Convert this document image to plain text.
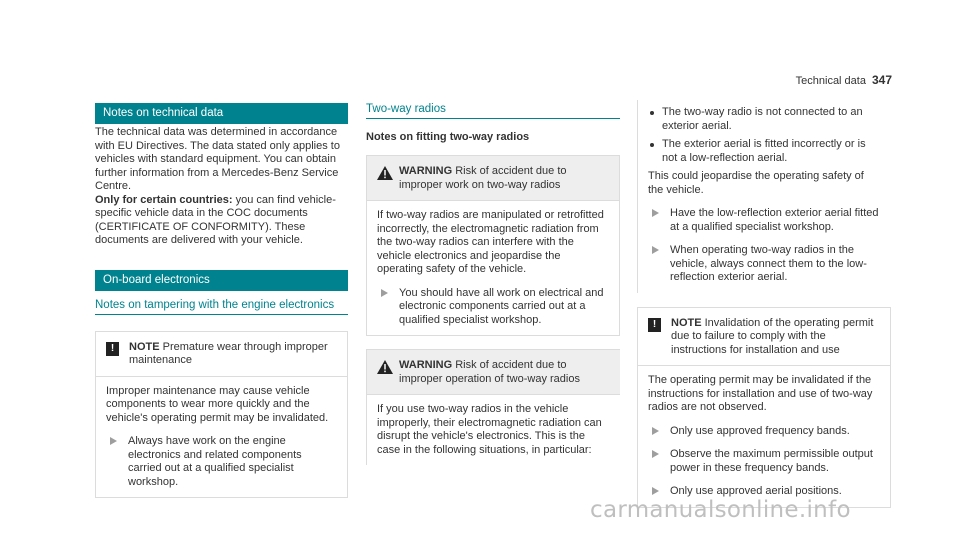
Technical data 347
Notes on technical data

The technical data was determined in accordance with EU Directives. The data stated only applies to vehicles with standard equipment. You can obtain further information from a Mercedes-Benz Service Centre.

Only for certain countries: you can find vehicle-specific vehicle data in the COC documents (CERTIFICATE OF CONFORMITY). These documents are delivered with your vehicle.

On-board electronics
Notes on tampering with the engine electronics
!	NOTE Premature wear through improper maintenance

Improper maintenance may cause vehicle components to wear more quickly and the vehicle's operating permit may be invalidated.

Always have work on the engine electronics and related components carried out at a qualified specialist workshop.

Two-way radios
Notes on fitting two-way radios
WARNING Risk of accident due to improper work on two-way radios

If two-way radios are manipulated or retrofitted incorrectly, the electromagnetic radiation from the two-way radios can interfere with the vehicle electronics and jeopardise the operating safety of the vehicle.

You should have all work on electrical and electronic components carried out at a qualified specialist workshop.

WARNING Risk of accident due to improper operation of two-way radios

If you use two-way radios in the vehicle improperly, their electromagnetic radiation can disrupt the vehicle's electronics. This is the case in the following situations, in particular:

The two-way radio is not connected to an exterior aerial.
The exterior aerial is fitted incorrectly or is not a low-reflection aerial.

This could jeopardise the operating safety of the vehicle.

Have the low-reflection exterior aerial fitted at a qualified specialist workshop.

When operating two-way radios in the vehicle, always connect them to the low-reflection exterior aerial.

!	NOTE Invalidation of the operating permit due to failure to comply with the instructions for installation and use

The operating permit may be invalidated if the instructions for installation and use of two-way radios are not observed.

Only use approved frequency bands.

Observe the maximum permissible output power in these frequency bands.

Only use approved aerial positions.

carmanualsonline.info
